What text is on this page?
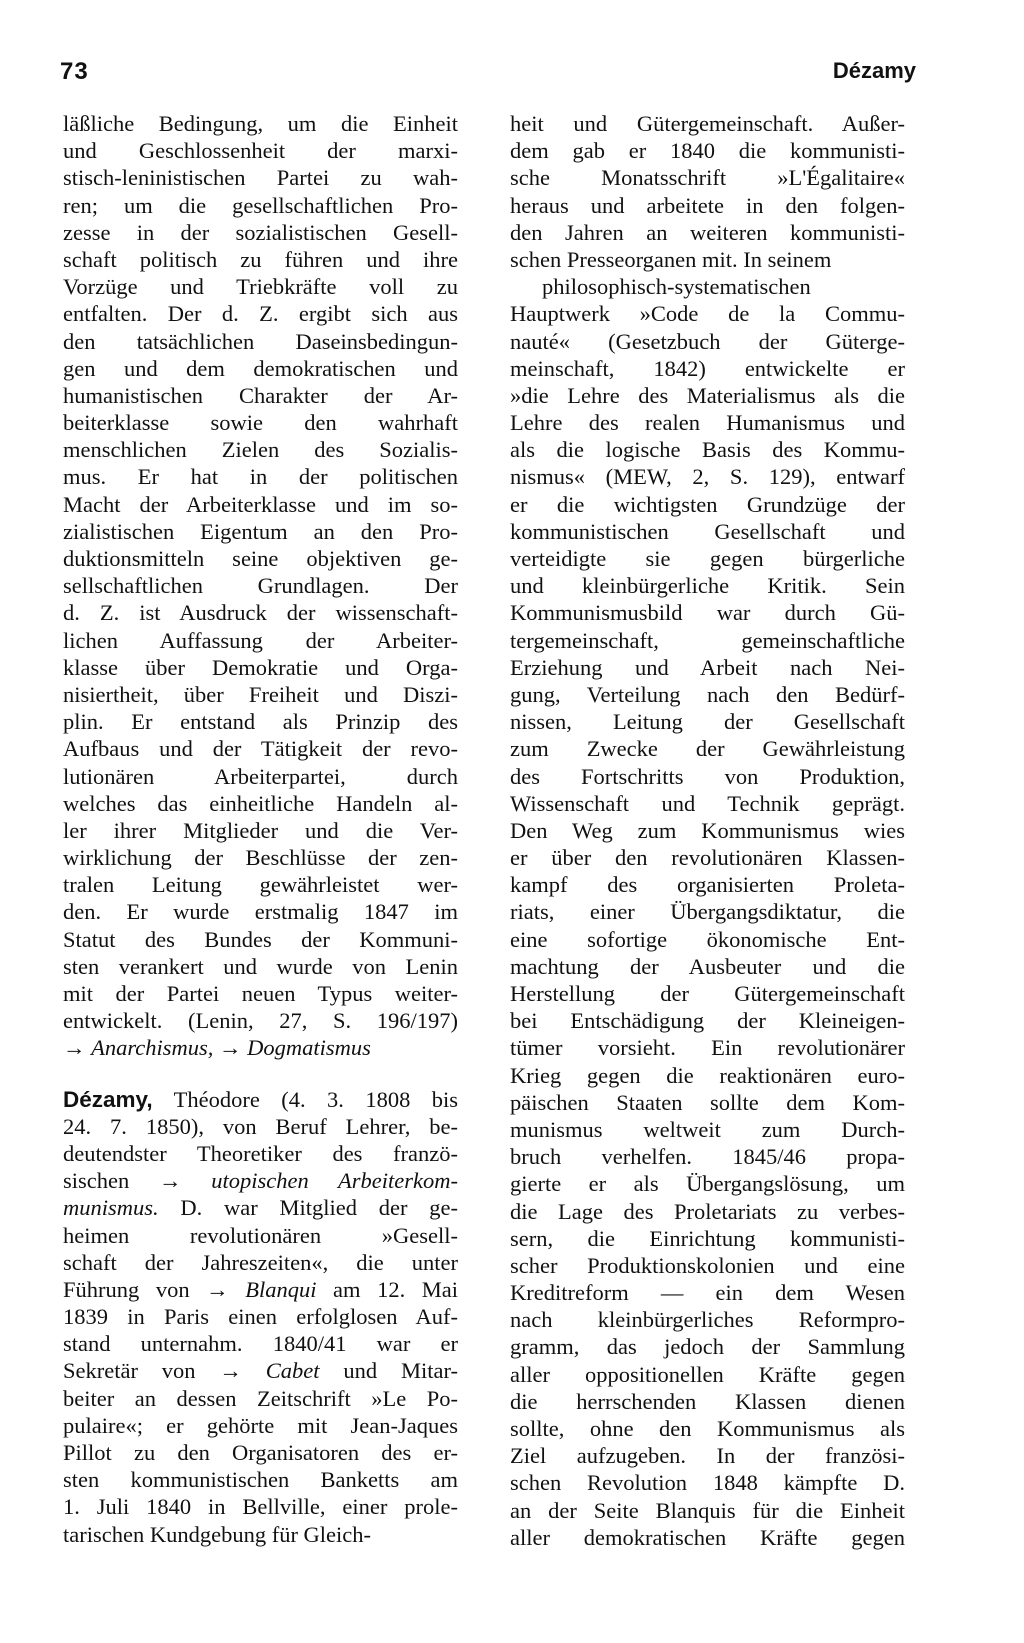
73	Dézamy
läßliche Bedingung, um die Einheit
und Geschlossenheit der marxi-
stisch-leninistischen Partei zu wah-
ren; um die gesellschaftlichen Pro-
zesse in der sozialistischen Gesell-
schaft politisch zu führen und ihre
Vorzüge und Triebkräfte voll zu
entfalten. Der d. Z. ergibt sich aus
den tatsächlichen Daseinsbedingun-
gen und dem demokratischen und
humanistischen Charakter der Ar-
beiterklasse sowie den wahrhaft
menschlichen Zielen des Sozialis-
mus. Er hat in der politischen
Macht der Arbeiterklasse und im so-
zialistischen Eigentum an den Pro-
duktionsmitteln seine objektiven ge-
sellschaftlichen Grundlagen. Der
d. Z. ist Ausdruck der wissenschaft-
lichen Auffassung der Arbeiter-
klasse über Demokratie und Orga-
nisiertheit, über Freiheit und Diszi-
plin. Er entstand als Prinzip des
Aufbaus und der Tätigkeit der revo-
lutionären Arbeiterpartei, durch
welches das einheitliche Handeln al-
ler ihrer Mitglieder und die Ver-
wirklichung der Beschlüsse der zen-
tralen Leitung gewährleistet wer-
den. Er wurde erstmalig 1847 im
Statut des Bundes der Kommuni-
sten verankert und wurde von Lenin
mit der Partei neuen Typus weiter-
entwickelt. (Lenin, 27, S. 196/197)
→ Anarchismus, → Dogmatismus
Dézamy, Théodore (4. 3. 1808 bis
24. 7. 1850), von Beruf Lehrer, be-
deutendster Theoretiker des franzö-
sischen → utopischen Arbeiterkom-
munismus. D. war Mitglied der ge-
heimen revolutionären »Gesell-
schaft der Jahreszeiten«, die unter
Führung von → Blanqui am 12. Mai
1839 in Paris einen erfolglosen Auf-
stand unternahm. 1840/41 war er
Sekretär von → Cabet und Mitar-
beiter an dessen Zeitschrift »Le Po-
pulaire«; er gehörte mit Jean-Jaques
Pillot zu den Organisatoren des er-
sten kommunistischen Banketts am
1. Juli 1840 in Bellville, einer prole-
tarischen Kundgebung für Gleich-
heit und Gütergemeinschaft. Außer-
dem gab er 1840 die kommunisti-
sche Monatsschrift »L'Égalitaire«
heraus und arbeitete in den folgen-
den Jahren an weiteren kommunisti-
schen Presseorganen mit. In seinem
philosophisch-systematischen
Hauptwerk »Code de la Commu-
nauté« (Gesetzbuch der Güterge-
meinschaft, 1842) entwickelte er
»die Lehre des Materialismus als die
Lehre des realen Humanismus und
als die logische Basis des Kommu-
nismus« (MEW, 2, S. 129), entwarf
er die wichtigsten Grundzüge der
kommunistischen Gesellschaft und
verteidigte sie gegen bürgerliche
und kleinbürgerliche Kritik. Sein
Kommunismusbild war durch Gü-
tergemeinschaft, gemeinschaftliche
Erziehung und Arbeit nach Nei-
gung, Verteilung nach den Bedürf-
nissen, Leitung der Gesellschaft
zum Zwecke der Gewährleistung
des Fortschritts von Produktion,
Wissenschaft und Technik geprägt.
Den Weg zum Kommunismus wies
er über den revolutionären Klassen-
kampf des organisierten Proleta-
riats, einer Übergangsdiktatur, die
eine sofortige ökonomische Ent-
machtung der Ausbeuter und die
Herstellung der Gütergemeinschaft
bei Entschädigung der Kleineigen-
tümer vorsieht. Ein revolutionärer
Krieg gegen die reaktionären euro-
päischen Staaten sollte dem Kom-
munismus weltweit zum Durch-
bruch verhelfen. 1845/46 propa-
gierte er als Übergangslösung, um
die Lage des Proletariats zu verbes-
sern, die Einrichtung kommunisti-
scher Produktionskolonien und eine
Kreditreform — ein dem Wesen
nach kleinbürgerliches Reformpro-
gramm, das jedoch der Sammlung
aller oppositionellen Kräfte gegen
die herrschenden Klassen dienen
sollte, ohne den Kommunismus als
Ziel aufzugeben. In der französi-
schen Revolution 1848 kämpfte D.
an der Seite Blanquis für die Einheit
aller demokratischen Kräfte gegen
